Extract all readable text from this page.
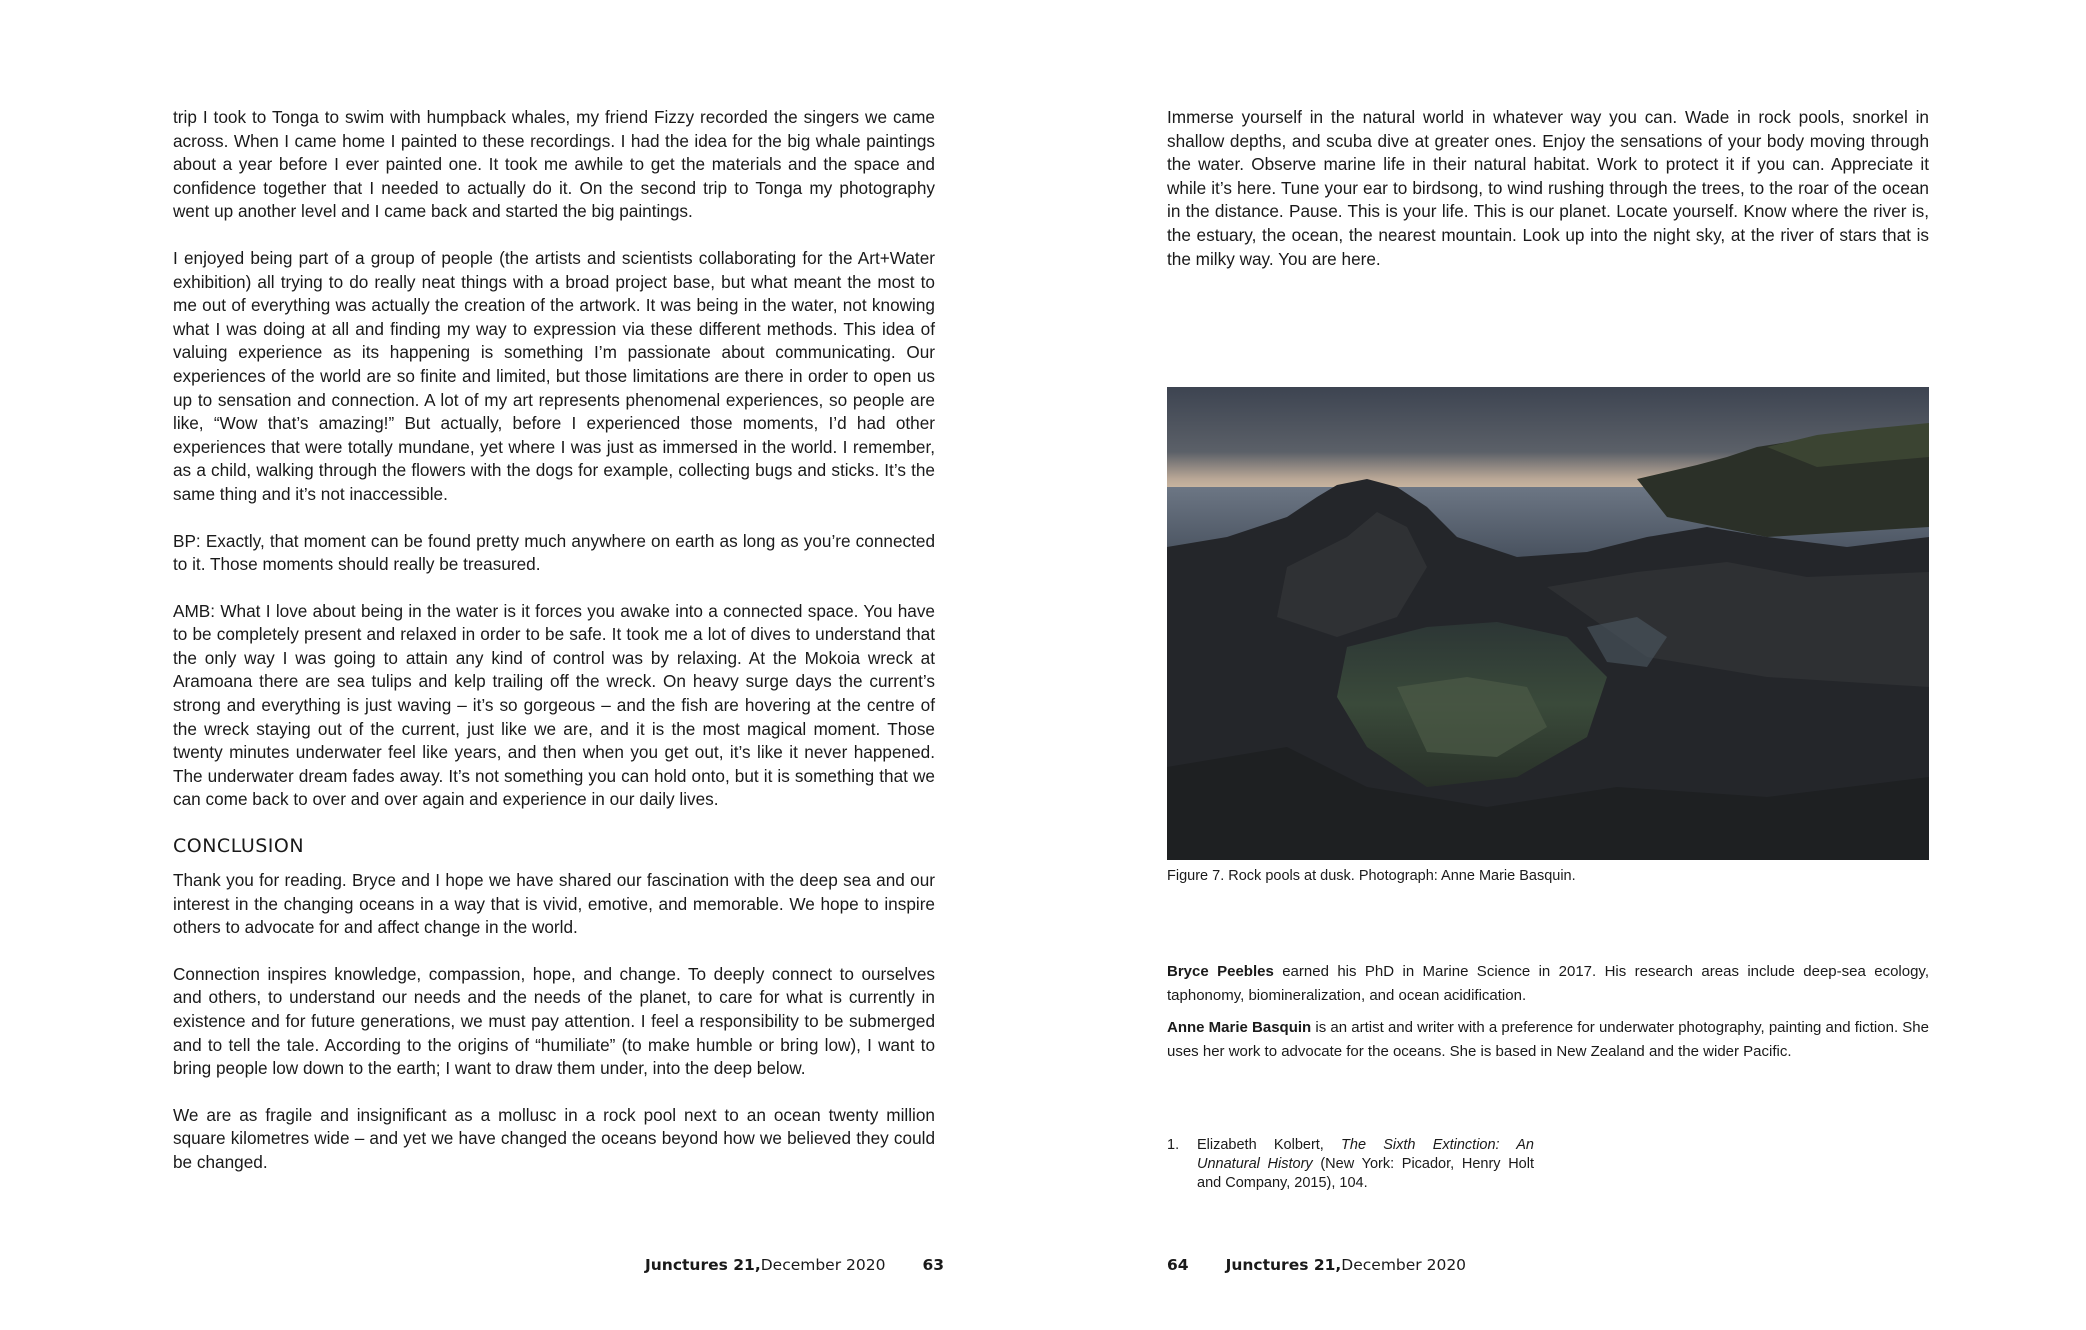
trip I took to Tonga to swim with humpback whales, my friend Fizzy recorded the singers we came across. When I came home I painted to these recordings. I had the idea for the big whale paintings about a year before I ever painted one. It took me awhile to get the materials and the space and confidence together that I needed to actually do it. On the second trip to Tonga my photography went up another level and I came back and started the big paintings.

I enjoyed being part of a group of people (the artists and scientists collaborating for the Art+Water exhibition) all trying to do really neat things with a broad project base, but what meant the most to me out of everything was actually the creation of the artwork. It was being in the water, not knowing what I was doing at all and finding my way to expression via these different methods. This idea of valuing experience as its happening is something I’m passionate about communicating. Our experiences of the world are so finite and limited, but those limitations are there in order to open us up to sensation and connection. A lot of my art represents phenomenal experiences, so people are like, “Wow that’s amazing!” But actually, before I experienced those moments, I’d had other experiences that were totally mundane, yet where I was just as immersed in the world. I remember, as a child, walking through the flowers with the dogs for example, collecting bugs and sticks. It’s the same thing and it’s not inaccessible.

BP: Exactly, that moment can be found pretty much anywhere on earth as long as you’re connected to it. Those moments should really be treasured.

AMB: What I love about being in the water is it forces you awake into a connected space. You have to be completely present and relaxed in order to be safe. It took me a lot of dives to understand that the only way I was going to attain any kind of control was by relaxing. At the Mokoia wreck at Aramoana there are sea tulips and kelp trailing off the wreck. On heavy surge days the current’s strong and everything is just waving – it’s so gorgeous – and the fish are hovering at the centre of the wreck staying out of the current, just like we are, and it is the most magical moment. Those twenty minutes underwater feel like years, and then when you get out, it’s like it never happened. The underwater dream fades away. It’s not something you can hold onto, but it is something that we can come back to over and over again and experience in our daily lives.

CONCLUSION

Thank you for reading. Bryce and I hope we have shared our fascination with the deep sea and our interest in the changing oceans in a way that is vivid, emotive, and memorable. We hope to inspire others to advocate for and affect change in the world.

Connection inspires knowledge, compassion, hope, and change. To deeply connect to ourselves and others, to understand our needs and the needs of the planet, to care for what is currently in existence and for future generations, we must pay attention. I feel a responsibility to be submerged and to tell the tale. According to the origins of “humiliate” (to make humble or bring low), I want to bring people low down to the earth; I want to draw them under, into the deep below.

We are as fragile and insignificant as a mollusc in a rock pool next to an ocean twenty million square kilometres wide – and yet we have changed the oceans beyond how we believed they could be changed.

Junctures 21,December 2020 63

Immerse yourself in the natural world in whatever way you can. Wade in rock pools, snorkel in shallow depths, and scuba dive at greater ones. Enjoy the sensations of your body moving through the water. Observe marine life in their natural habitat. Work to protect it if you can. Appreciate it while it’s here. Tune your ear to birdsong, to wind rushing through the trees, to the roar of the ocean in the distance. Pause. This is your life. This is our planet. Locate yourself. Know where the river is, the estuary, the ocean, the nearest mountain. Look up into the night sky, at the river of stars that is the milky way. You are here.

Figure 7. Rock pools at dusk. Photograph: Anne Marie Basquin.

Bryce Peebles earned his PhD in Marine Science in 2017. His research areas include deep-sea ecology, taphonomy, biomineralization, and ocean acidification.

Anne Marie Basquin is an artist and writer with a preference for underwater photography, painting and fiction. She uses her work to advocate for the oceans. She is based in New Zealand and the wider Pacific.

1. Elizabeth Kolbert, The Sixth Extinction: An Unnatural History (New York: Picador, Henry Holt and Company, 2015), 104.
64 Junctures 21,December 2020
